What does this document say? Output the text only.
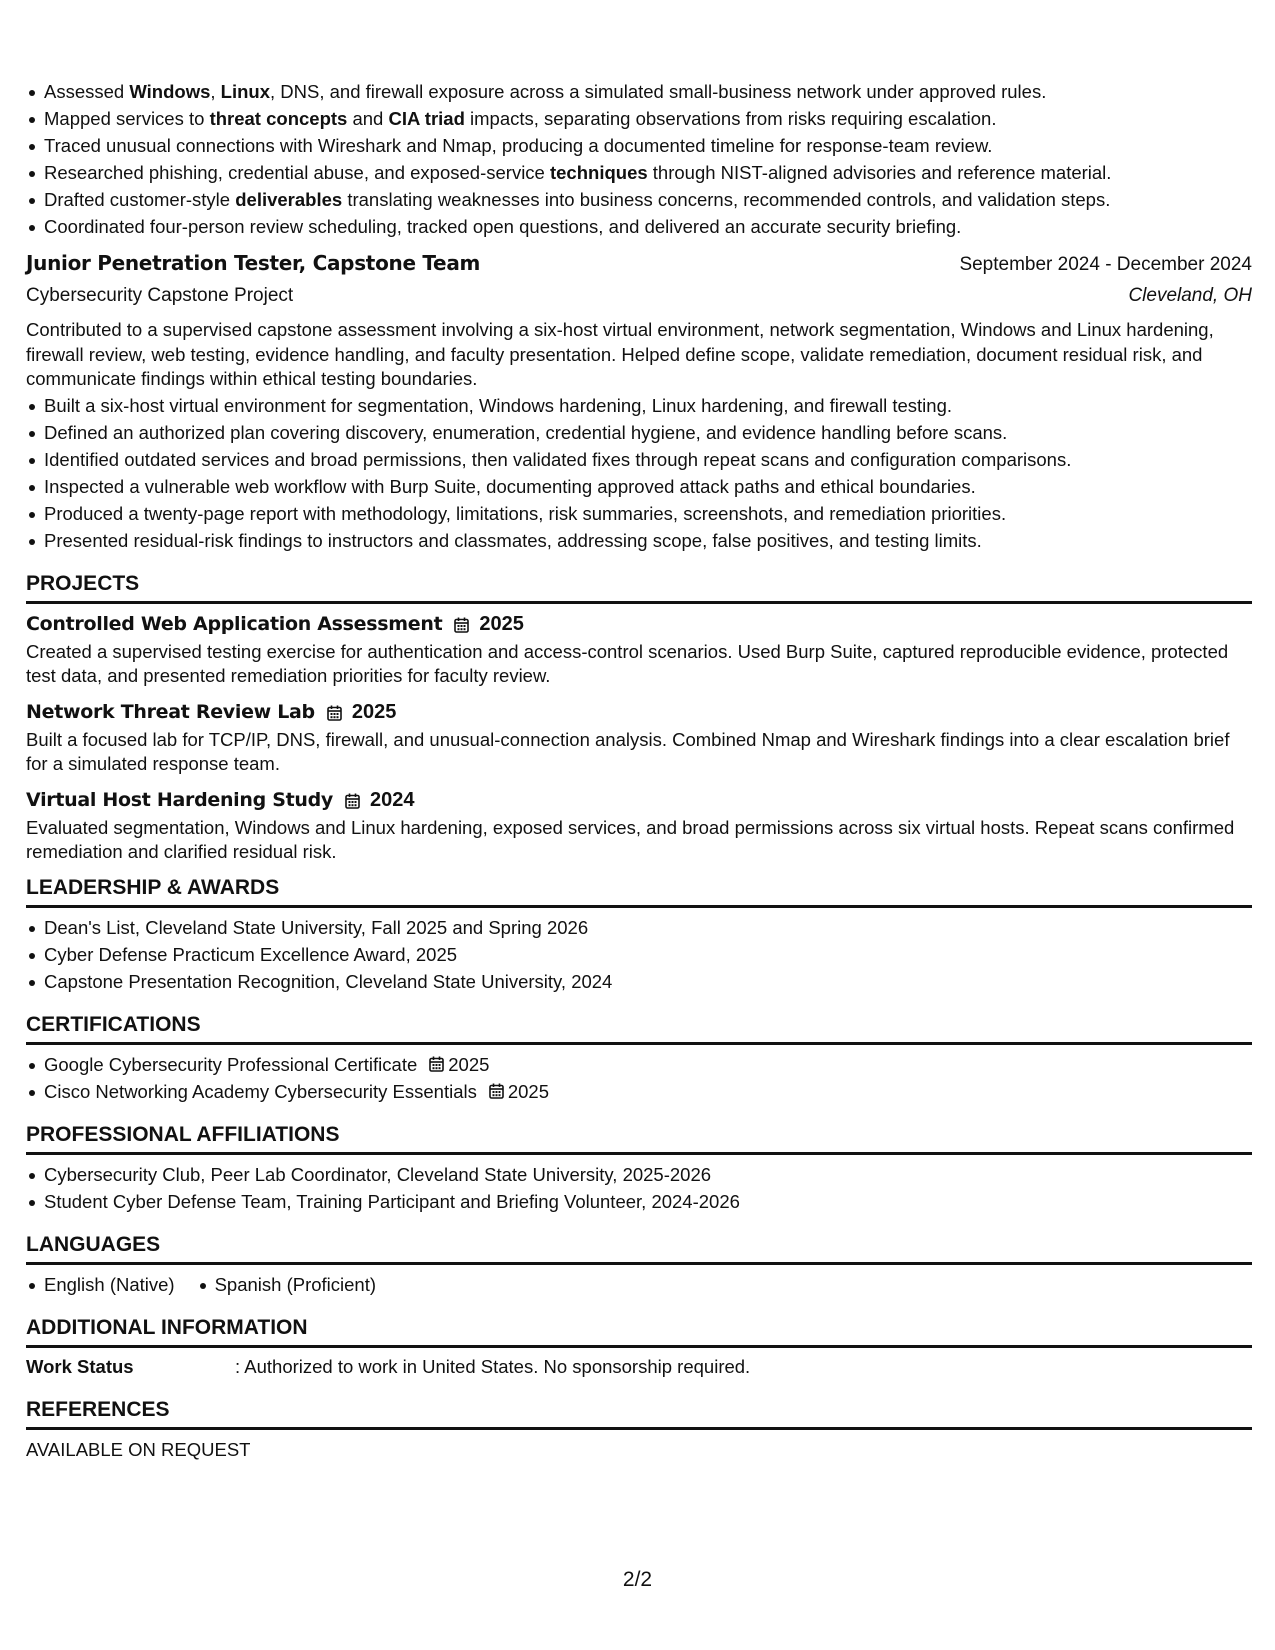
Assessed Windows, Linux, DNS, and firewall exposure across a simulated small-business network under approved rules.
Mapped services to threat concepts and CIA triad impacts, separating observations from risks requiring escalation.
Traced unusual connections with Wireshark and Nmap, producing a documented timeline for response-team review.
Researched phishing, credential abuse, and exposed-service techniques through NIST-aligned advisories and reference material.
Drafted customer-style deliverables translating weaknesses into business concerns, recommended controls, and validation steps.
Coordinated four-person review scheduling, tracked open questions, and delivered an accurate security briefing.
Junior Penetration Tester, Capstone Team	September 2024 - December 2024
Cybersecurity Capstone Project	Cleveland, OH
Contributed to a supervised capstone assessment involving a six-host virtual environment, network segmentation, Windows and Linux hardening, firewall review, web testing, evidence handling, and faculty presentation. Helped define scope, validate remediation, document residual risk, and communicate findings within ethical testing boundaries.
Built a six-host virtual environment for segmentation, Windows hardening, Linux hardening, and firewall testing.
Defined an authorized plan covering discovery, enumeration, credential hygiene, and evidence handling before scans.
Identified outdated services and broad permissions, then validated fixes through repeat scans and configuration comparisons.
Inspected a vulnerable web workflow with Burp Suite, documenting approved attack paths and ethical boundaries.
Produced a twenty-page report with methodology, limitations, risk summaries, screenshots, and remediation priorities.
Presented residual-risk findings to instructors and classmates, addressing scope, false positives, and testing limits.
PROJECTS
Controlled Web Application Assessment 2025
Created a supervised testing exercise for authentication and access-control scenarios. Used Burp Suite, captured reproducible evidence, protected test data, and presented remediation priorities for faculty review.
Network Threat Review Lab 2025
Built a focused lab for TCP/IP, DNS, firewall, and unusual-connection analysis. Combined Nmap and Wireshark findings into a clear escalation brief for a simulated response team.
Virtual Host Hardening Study 2024
Evaluated segmentation, Windows and Linux hardening, exposed services, and broad permissions across six virtual hosts. Repeat scans confirmed remediation and clarified residual risk.
LEADERSHIP & AWARDS
Dean's List, Cleveland State University, Fall 2025 and Spring 2026
Cyber Defense Practicum Excellence Award, 2025
Capstone Presentation Recognition, Cleveland State University, 2024
CERTIFICATIONS
Google Cybersecurity Professional Certificate 2025
Cisco Networking Academy Cybersecurity Essentials 2025
PROFESSIONAL AFFILIATIONS
Cybersecurity Club, Peer Lab Coordinator, Cleveland State University, 2025-2026
Student Cyber Defense Team, Training Participant and Briefing Volunteer, 2024-2026
LANGUAGES
English (Native)	Spanish (Proficient)
ADDITIONAL INFORMATION
Work Status	: Authorized to work in United States. No sponsorship required.
REFERENCES
AVAILABLE ON REQUEST
2/2
